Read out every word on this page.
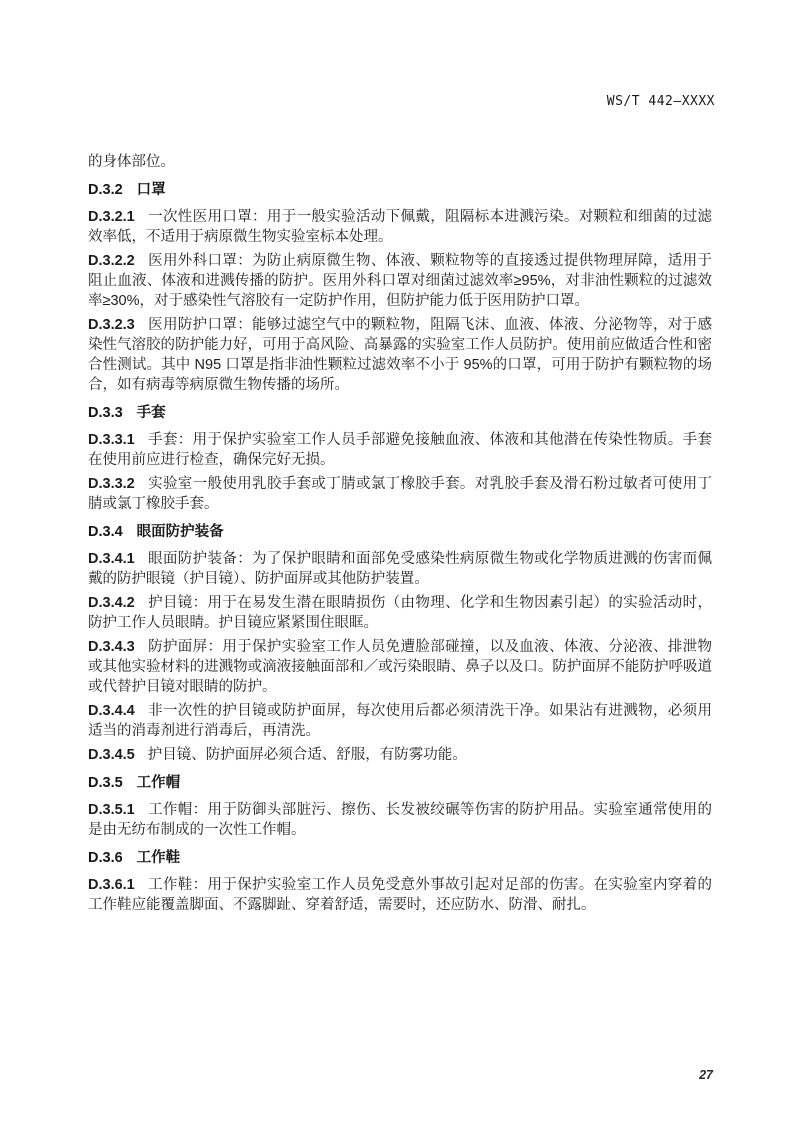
WS/T 442—XXXX

的身体部位。

D.3.2 口罩

D.3.2.1 一次性医用口罩：用于一般实验活动下佩戴，阻隔标本进溅污染。对颗粒和细菌的过滤效率低，不适用于病原微生物实验室标本处理。

D.3.2.2 医用外科口罩：为防止病原微生物、体液、颗粒物等的直接透过提供物理屏障，适用于阻止血液、体液和进溅传播的防护。医用外科口罩对细菌过滤效率≥95%，对非油性颗粒的过滤效率≥30%，对于感染性气溶胶有一定防护作用，但防护能力低于医用防护口罩。

D.3.2.3 医用防护口罩：能够过滤空气中的颗粒物，阻隔飞沫、血液、体液、分泌物等，对于感染性气溶胶的防护能力好，可用于高风险、高暴露的实验室工作人员防护。使用前应做适合性和密合性测试。其中 N95 口罩是指非油性颗粒过滤效率不小于 95%的口罩，可用于防护有颗粒物的场合，如有病毒等病原微生物传播的场所。

D.3.3 手套

D.3.3.1 手套：用于保护实验室工作人员手部避免接触血液、体液和其他潜在传染性物质。手套在使用前应进行检查，确保完好无损。

D.3.3.2 实验室一般使用乳胶手套或丁腈或氯丁橡胶手套。对乳胶手套及滑石粉过敏者可使用丁腈或氯丁橡胶手套。

D.3.4 眼面防护装备

D.3.4.1 眼面防护装备：为了保护眼睛和面部免受感染性病原微生物或化学物质进溅的伤害而佩戴的防护眼镜（护目镜）、防护面屏或其他防护装置。

D.3.4.2 护目镜：用于在易发生潜在眼睛损伤（由物理、化学和生物因素引起）的实验活动时，防护工作人员眼睛。护目镜应紧紧围住眼眶。

D.3.4.3 防护面屏：用于保护实验室工作人员免遭脸部碰撞，以及血液、体液、分泌液、排泄物或其他实验材料的进溅物或滴液接触面部和／或污染眼睛、鼻子以及口。防护面屏不能防护呼吸道或代替护目镜对眼睛的防护。

D.3.4.4 非一次性的护目镜或防护面屏，每次使用后都必须清洗干净。如果沾有进溅物，必须用适当的消毒剂进行消毒后，再清洗。

D.3.4.5 护目镜、防护面屏必须合适、舒服，有防雾功能。

D.3.5 工作帽

D.3.5.1 工作帽：用于防御头部脏污、擦伤、长发被绞碾等伤害的防护用品。实验室通常使用的是由无纺布制成的一次性工作帽。

D.3.6 工作鞋

D.3.6.1 工作鞋：用于保护实验室工作人员免受意外事故引起对足部的伤害。在实验室内穿着的工作鞋应能覆盖脚面、不露脚趾、穿着舒适，需要时，还应防水、防滑、耐扎。

27
